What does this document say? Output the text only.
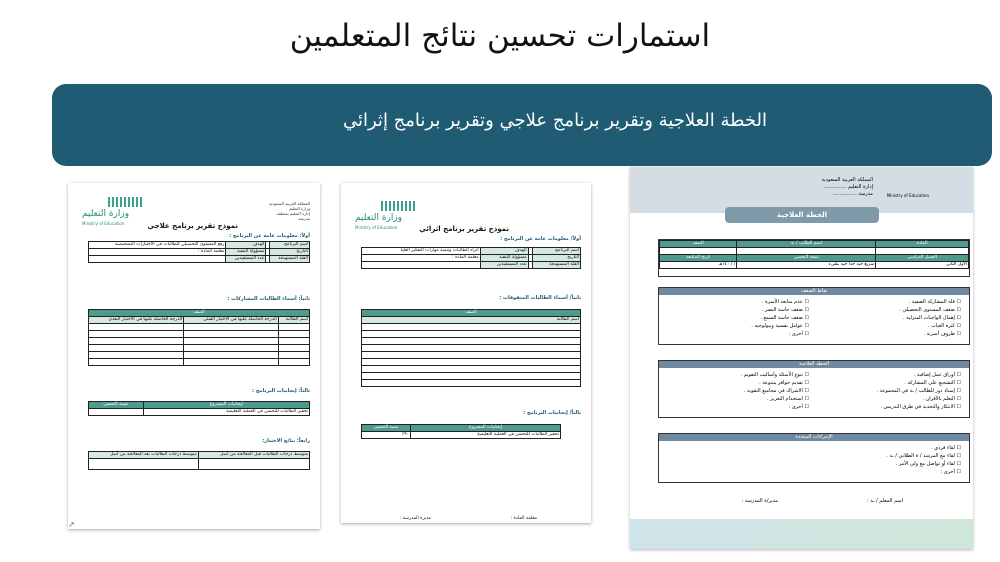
استمارات تحسين نتائج المتعلمين
الخطة العلاجية وتقرير برنامج علاجي وتقرير برنامج إثرائي
وزارة التعليم
Ministry of Education
المملكة العربية السعودية
وزارة التعليم
إدارة التعليم بمنطقة
مدرسة
نموذج تقرير برنامج علاجي
أولاً: معلومات عامة عن البرنامج :
اسم البرنامج		الهدف	رفع المستوى التحصيلي للطالبات في الاختبارات التشخيصية
التاريخ		مسؤولة التنفيذ	معلمة المادة :
الفئة المستهدفة		عدد المستفيدين	
ثانياً: أسماء الطالبات المشاركات :
الصف		
اسم الطالبة	الدرجة الحاصلة عليها في الاختبار القبلي	الدرجة الحاصلة عليها في الاختبار البعدي

ثالثاً: إيجابيات البرنامج :
إيجابيات المشروع	نسبة التحسن
تحفيز الطالبات للتحسن في العملية التعليمية	
رابعاً: نتائج الاختبار:
متوسط درجات الطالبات قبل المعالجة من أصل	متوسط درجات الطالبات بعد المعالجة من أصل

↗
وزارة التعليم
Ministry of Education	نموذج تقرير برنامج اثرائي
أولاً/ معلومات عامة عن البرنامج :
اسم البرنامج		الهدف	اثراء الطالبات وتنمية مهارات التفكير العليا
التاريخ		مسؤولة التنفيذ	معلمة المادة :
الفئة المستهدفة		عدد المستفيدين	
ثانياً/ أسماء الطالبات المتفوقات :
الصف
اسم الطالبة

ثالثاً/ إيجابيات البرنامج :
إيجابيات المشروع	نسبة التحسن
تحفيز الطالبات للتحسن في العملية التعليمية	٩٠٪
معلمة المادة :
مديرة المدرسة :
المملكة العربية السعودية
إدارة التعليم ..............
مدرسة ...............	Ministry of Education
الخطة العلاجية
المادة	اسم الطالب / ـة	الصف

الفصل الدراسي	نتيجة التحسن	تاريخ المتابعة
الأول الثاني	سريع جيد جدا جيد بطيء	/ / ١٤٠هـ
نقاط الضعف
☐ قلة المشاركة الصفية .
☐ ضعف المستوى التحصيلي .
☐ إهمال الواجبات المنزلية .
☐ كثرة الغياب .
☐ ظروف أسرية .
☐ عدم متابعة الأسرة .
☐ ضعف حاسة البصر .
☐ ضعف حاسة السمع .
☐ عوامل نفسية وبيولوجية .
☐ أخرى :
الخطة العلاجية
☐ أوراق عمل إضافية .
☐ التشجيع على المشاركة .
☐ إسناد دور للطالب / ـة في المجموعة .
☐ التعلم بالأقران .
☐ الابتكار والتجديد في طرق التدريس .
☐ تنوع الأسئلة وأساليب التقويم .
☐ تقديم حوافز متنوعة .
☐ الاشراك في مجاميع التقوية .
☐ استخدام التعزيز .
☐ أخرى :
الإجراءات المتخذة
☐ لقاء فردي .
☐ لقاء مع المرشد / ة الطلابي / ـة .
☐ لقاء أو تواصل مع ولي الأمر .
☐ أخرى :
اسم المعلم / ـة :
مدير/ة المدرسة :
